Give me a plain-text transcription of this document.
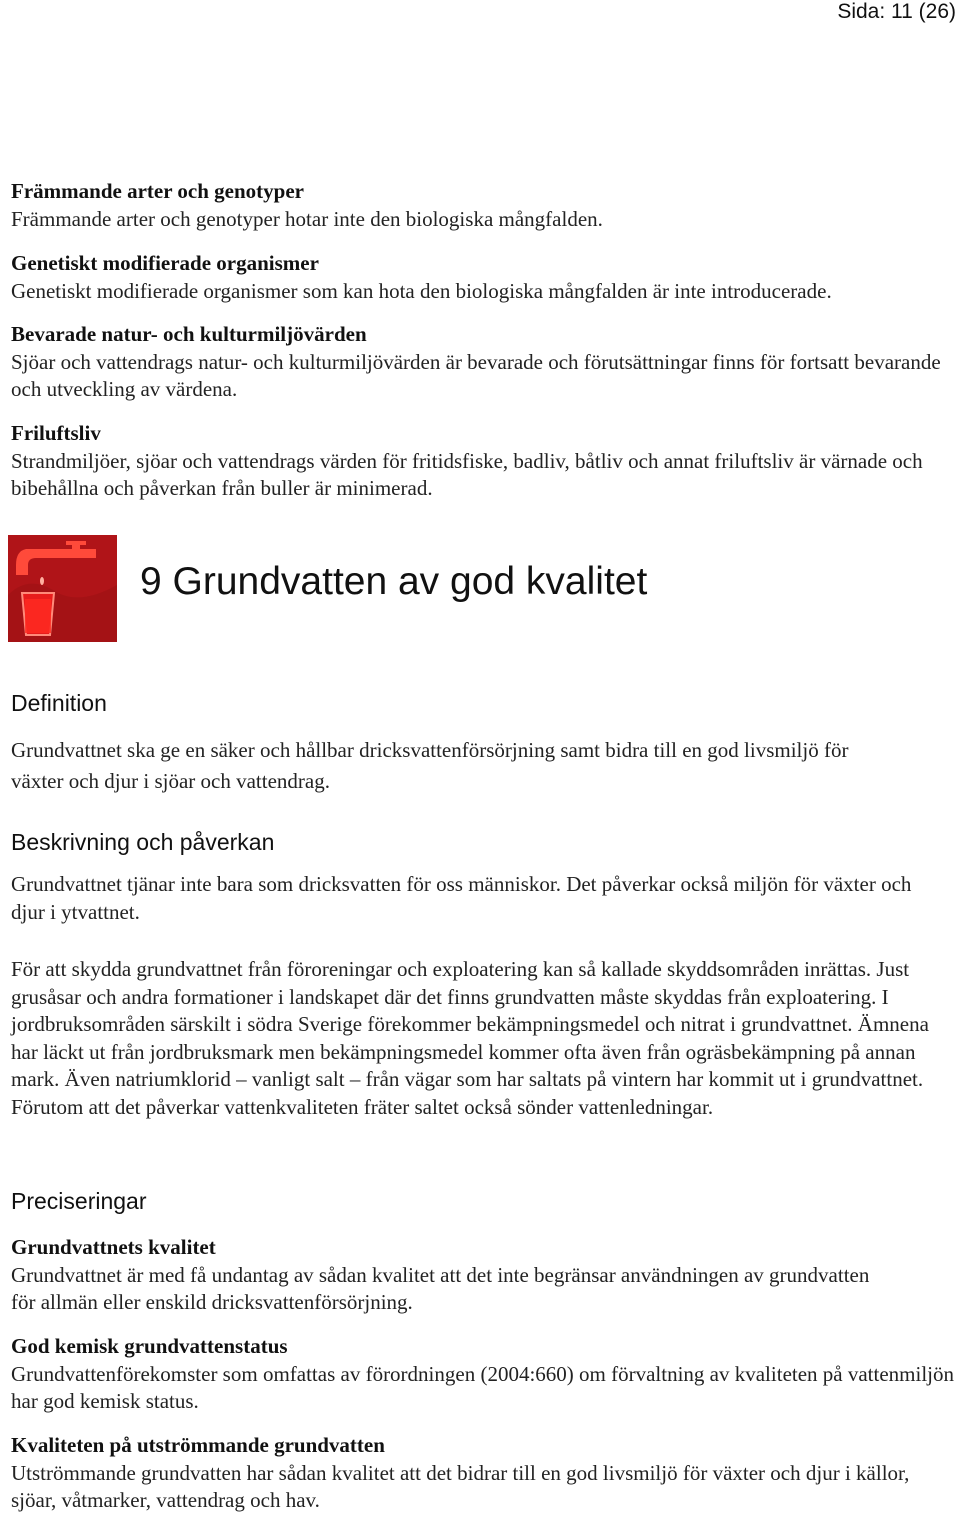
Sida: 11 (26)
Främmande arter och genotyper

Främmande arter och genotyper hotar inte den biologiska mångfalden.

Genetiskt modifierade organismer

Genetiskt modifierade organismer som kan hota den biologiska mångfalden är inte introducerade.

Bevarade natur- och kulturmiljövärden

Sjöar och vattendrags natur- och kulturmiljövärden är bevarade och förutsättningar finns för fortsatt bevarande och utveckling av värdena.

Friluftsliv

Strandmiljöer, sjöar och vattendrags värden för fritidsfiske, badliv, båtliv och annat friluftsliv är värnade och bibehållna och påverkan från buller är minimerad.

9 Grundvatten av god kvalitet
Definition

Grundvattnet ska ge en säker och hållbar dricksvattenförsörjning samt bidra till en god livsmiljö för växter och djur i sjöar och vattendrag.

Beskrivning och påverkan

Grundvattnet tjänar inte bara som dricksvatten för oss människor. Det påverkar också miljön för växter och djur i ytvattnet.

För att skydda grundvattnet från föroreningar och exploatering kan så kallade skyddsområden inrättas. Just grusåsar och andra formationer i landskapet där det finns grundvatten måste skyddas från exploatering. I jordbruksområden särskilt i södra Sverige förekommer bekämpningsmedel och nitrat i grundvattnet. Ämnena har läckt ut från jordbruksmark men bekämpningsmedel kommer ofta även från ogräsbekämpning på annan mark. Även natriumklorid – vanligt salt – från vägar som har saltats på vintern har kommit ut i grundvattnet. Förutom att det påverkar vattenkvaliteten fräter saltet också sönder vattenledningar.

Preciseringar
Grundvattnets kvalitet

Grundvattnet är med få undantag av sådan kvalitet att det inte begränsar användningen av grundvatten för allmän eller enskild dricksvattenförsörjning.

God kemisk grundvattenstatus

Grundvattenförekomster som omfattas av förordningen (2004:660) om förvaltning av kvaliteten på vattenmiljön har god kemisk status.

Kvaliteten på utströmmande grundvatten

Utströmmande grundvatten har sådan kvalitet att det bidrar till en god livsmiljö för växter och djur i källor, sjöar, våtmarker, vattendrag och hav.
